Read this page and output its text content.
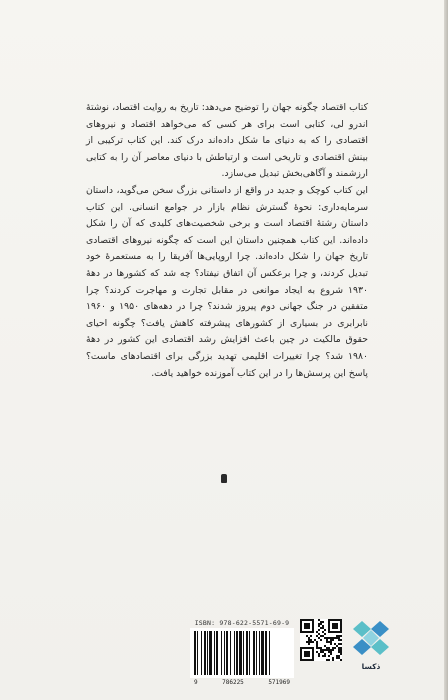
کتاب اقتصاد چگونه جهان را توضیح می‌دهد: تاریخ به روایت اقتصاد، نوشتهٔ اندرو لی، کتابی است برای هر کسی که می‌خواهد اقتصاد و نیروهای اقتصادی را که به دنیای ما شکل داده‌اند درک کند. این کتاب ترکیبی از بینش اقتصادی و تاریخی است و ارتباطش با دنیای معاصر آن را به کتابی ارزشمند و آگاهی‌بخش تبدیل می‌سازد.

این کتاب کوچک و جدید در واقع از داستانی بزرگ سخن می‌گوید، داستان سرمایه‌داری: نحوهٔ گسترش نظام بازار در جوامع انسانی. این کتاب داستان رشتهٔ اقتصاد است و برخی شخصیت‌های کلیدی که آن را شکل داده‌اند. این کتاب همچنین داستان این است که چگونه نیروهای اقتصادی تاریخ جهان را شکل داده‌اند. چرا اروپایی‌ها آفریقا را به مستعمرهٔ خود تبدیل کردند، و چرا برعکس آن اتفاق نیفتاد؟ چه شد که کشورها در دههٔ ۱۹۳۰ شروع به ایجاد موانعی در مقابل تجارت و مهاجرت کردند؟ چرا متفقین در جنگ جهانی دوم پیروز شدند؟ چرا در دهه‌های ۱۹۵۰ و ۱۹۶۰ نابرابری در بسیاری از کشورهای پیشرفته کاهش یافت؟ چگونه احیای حقوق مالکیت در چین باعث افزایش رشد اقتصادی این کشور در دههٔ ۱۹۸۰ شد؟ چرا تغییرات اقلیمی تهدید بزرگی برای اقتصادهای ماست؟ پاسخ این پرسش‌ها را در این کتاب آموزنده خواهید یافت.

ISBN: 978-622-5571-69-9
9	786225	571969
ذکسا
